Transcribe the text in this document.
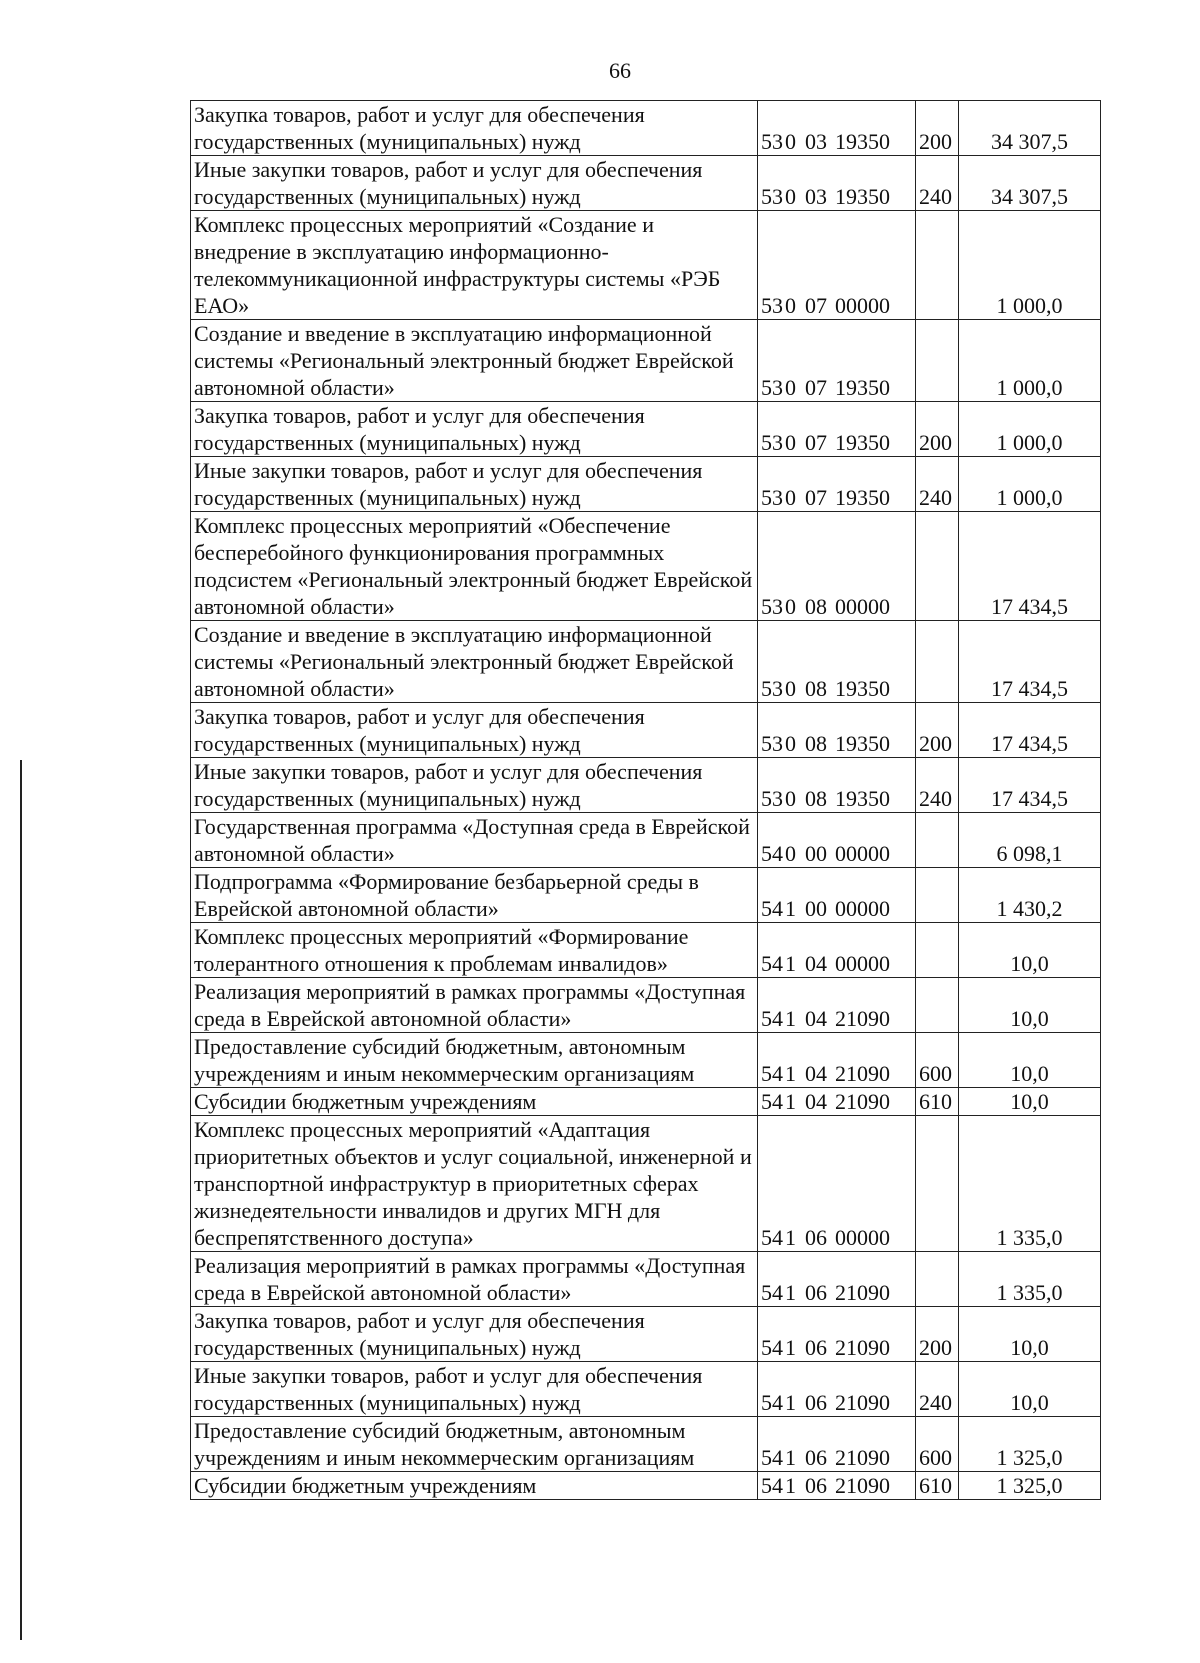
66
Закупка товаров, работ и услуг для обеспечения государственных (муниципальных) нужд	530 03 19350	200	34 307,5
Иные закупки товаров, работ и услуг для обеспечения государственных (муниципальных) нужд	530 03 19350	240	34 307,5
Комплекс процессных мероприятий «Создание и внедрение в эксплуатацию информационно-телекоммуникационной инфраструктуры системы «РЭБ ЕАО»	530 07 00000		1 000,0
Создание и введение в эксплуатацию информационной системы «Региональный электронный бюджет Еврейской автономной области»	530 07 19350		1 000,0
Закупка товаров, работ и услуг для обеспечения государственных (муниципальных) нужд	530 07 19350	200	1 000,0
Иные закупки товаров, работ и услуг для обеспечения государственных (муниципальных) нужд	530 07 19350	240	1 000,0
Комплекс процессных мероприятий «Обеспечение бесперебойного функционирования программных подсистем «Региональный электронный бюджет Еврейской автономной области»	530 08 00000		17 434,5
Создание и введение в эксплуатацию информационной системы «Региональный электронный бюджет Еврейской автономной области»	530 08 19350		17 434,5
Закупка товаров, работ и услуг для обеспечения государственных (муниципальных) нужд	530 08 19350	200	17 434,5
Иные закупки товаров, работ и услуг для обеспечения государственных (муниципальных) нужд	530 08 19350	240	17 434,5
Государственная программа «Доступная среда в Еврейской автономной области»	540 00 00000		6 098,1
Подпрограмма «Формирование безбарьерной среды в Еврейской автономной области»	541 00 00000		1 430,2
Комплекс процессных мероприятий «Формирование толерантного отношения к проблемам инвалидов»	541 04 00000		10,0
Реализация мероприятий в рамках программы «Доступная среда в Еврейской автономной области»	541 04 21090		10,0
Предоставление субсидий бюджетным, автономным учреждениям и иным некоммерческим организациям	541 04 21090	600	10,0
Субсидии бюджетным учреждениям	541 04 21090	610	10,0
Комплекс процессных мероприятий «Адаптация приоритетных объектов и услуг социальной, инженерной и транспортной инфраструктур в приоритетных сферах жизнедеятельности инвалидов и других МГН для беспрепятственного доступа»	541 06 00000		1 335,0
Реализация мероприятий в рамках программы «Доступная среда в Еврейской автономной области»	541 06 21090		1 335,0
Закупка товаров, работ и услуг для обеспечения государственных (муниципальных) нужд	541 06 21090	200	10,0
Иные закупки товаров, работ и услуг для обеспечения государственных (муниципальных) нужд	541 06 21090	240	10,0
Предоставление субсидий бюджетным, автономным учреждениям и иным некоммерческим организациям	541 06 21090	600	1 325,0
Субсидии бюджетным учреждениям	541 06 21090	610	1 325,0
